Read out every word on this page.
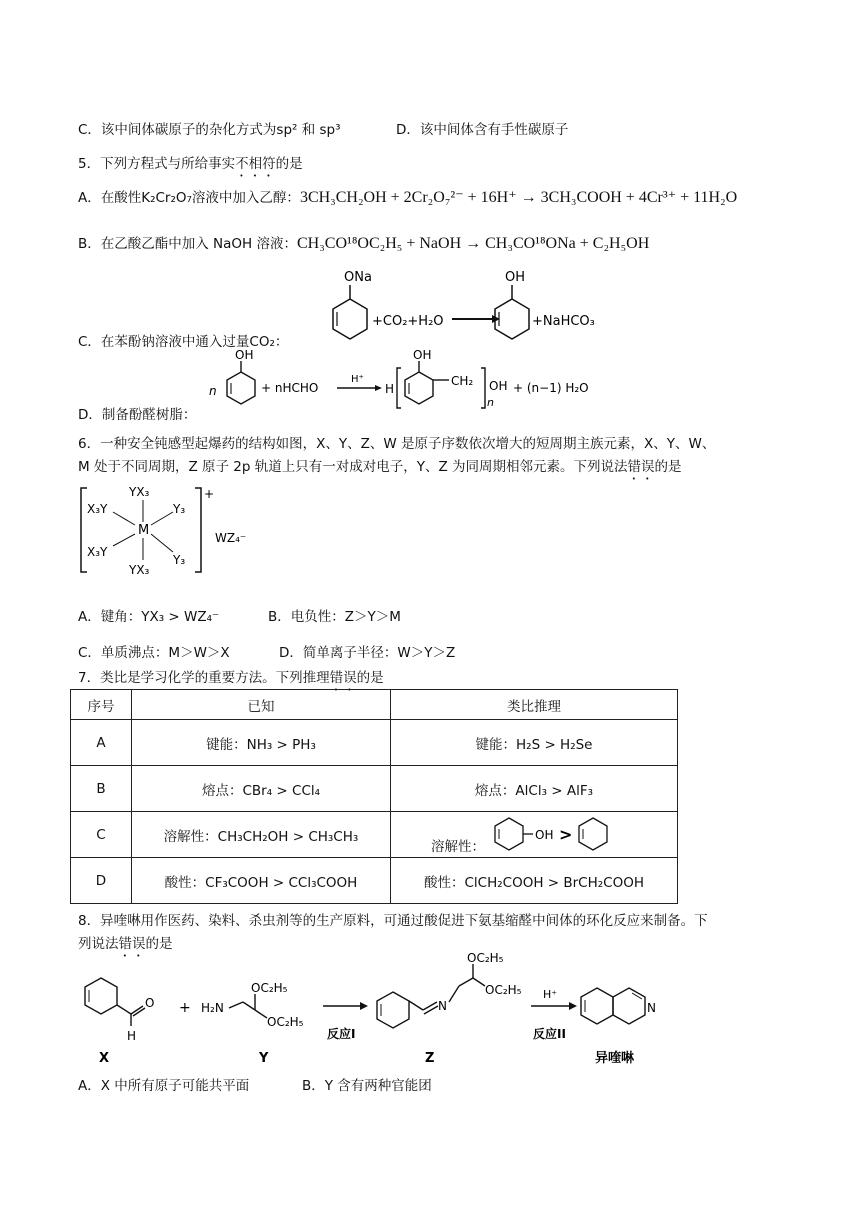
C．该中间体碳原子的杂化方式为sp² 和 sp³	D．该中间体含有手性碳原子
5．下列方程式与所给事实不相符的是
A．在酸性K₂Cr₂O₇溶液中加入乙醇：3CH₃CH₂OH + 2Cr₂O₇²⁻ + 16H⁺ → 3CH₃COOH + 4Cr³⁺ + 11H₂O
B．在乙酸乙酯中加入 NaOH 溶液：CH₃CO¹⁸OC₂H₅ + NaOH → CH₃CO¹⁸ONa + C₂H₅OH
ONa
+CO₂+H₂O
OH
+NaHCO₃
C．在苯酚钠溶液中通入过量CO₂：
n
OH
+ nHCHO
H⁺
H
OH
CH₂
n
OH + (n−1) H₂O
D．制备酚醛树脂：
6．一种安全钝感型起爆药的结构如图，X、Y、Z、W 是原子序数依次增大的短周期主族元素，X、Y、W、
M 处于不同周期，Z 原子 2p 轨道上只有一对成对电子，Y、Z 为同周期相邻元素。下列说法错误的是
+
M
YX₃
X₃Y	Y₃
X₃Y
Y₃
YX₃
WZ₄⁻
A．键角：YX₃ > WZ₄⁻	B．电负性：Z＞Y＞M
C．单质沸点：M＞W＞X	D．简单离子半径：W＞Y＞Z
7．类比是学习化学的重要方法。下列推理错误的是
序号	已知	类比推理
A	键能：NH₃ > PH₃	键能：H₂S > H₂Se
B	熔点：CBr₄ > CCl₄	熔点：AlCl₃ > AlF₃
C	溶解性：CH₃CH₂OH > CH₃CH₃	溶解性：
OH >

D	酸性：CF₃COOH > CCl₃COOH	酸性：ClCH₂COOH > BrCH₂COOH
8．异喹啉用作医药、染料、杀虫剂等的生产原料，可通过酸促进下氨基缩醛中间体的环化反应来制备。下
列说法错误的是
O
H
X
+ H₂N
OC₂H₅
OC₂H₅
Y
反应I
N
OC₂H₅
OC₂H₅
Z
H⁺
反应II
N
异喹啉
A．X 中所有原子可能共平面	B．Y 含有两种官能团
